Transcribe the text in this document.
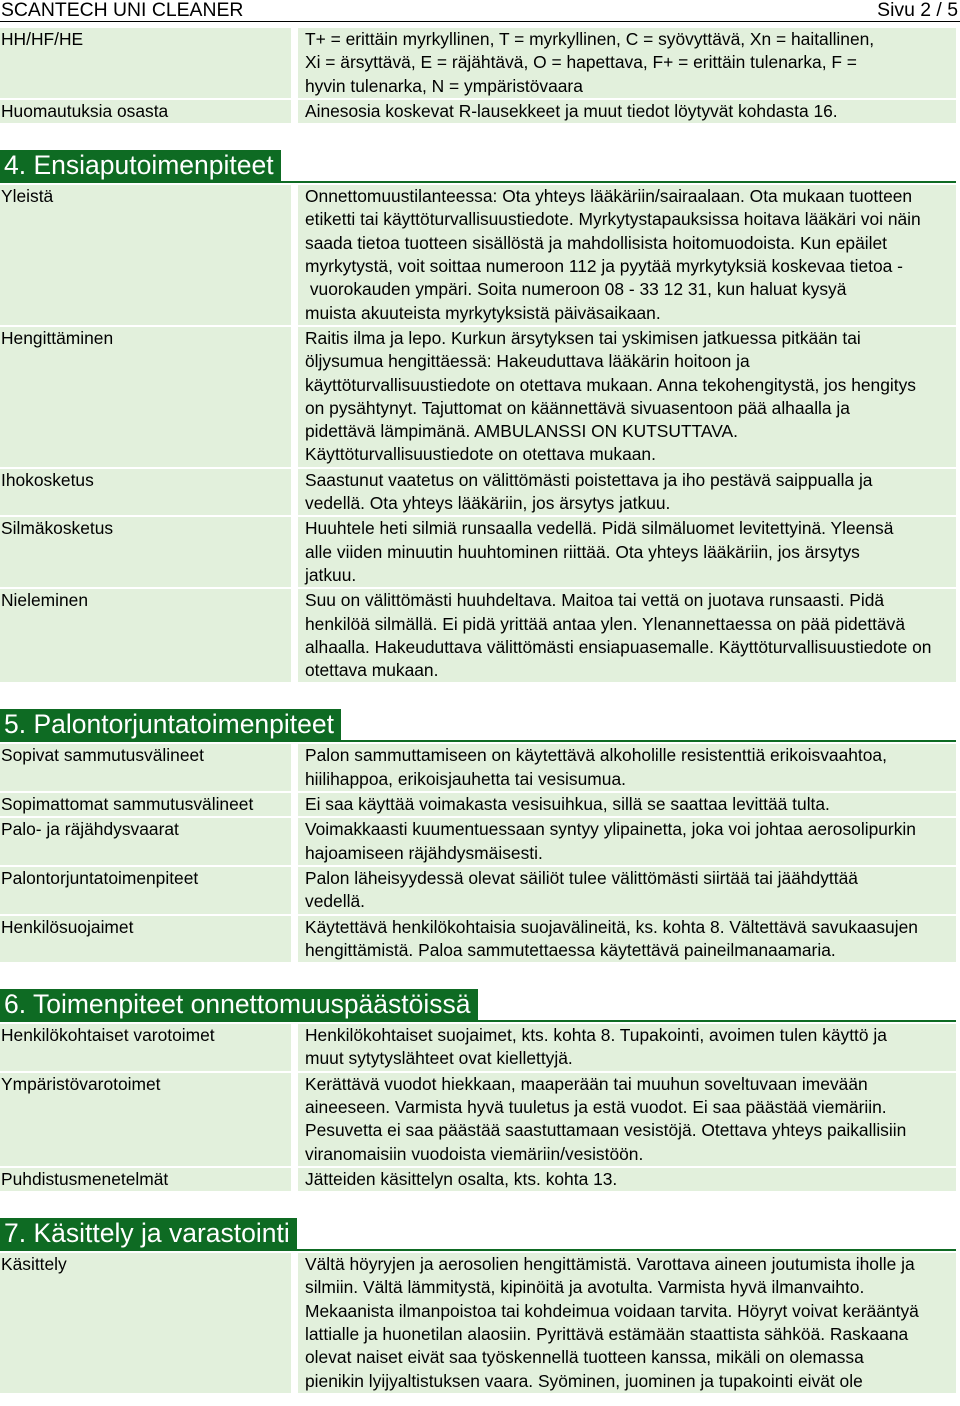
SCANTECH UNI CLEANER	Sivu 2 / 5
HH/HF/HE	T+ = erittäin myrkyllinen, T = myrkyllinen, C = syövyttävä, Xn = haitallinen,
Xi = ärsyttävä, E = räjähtävä, O = hapettava, F+ = erittäin tulenarka, F =
hyvin tulenarka, N = ympäristövaara
Huomautuksia osasta	Ainesosia koskevat R-lausekkeet ja muut tiedot löytyvät kohdasta 16.
4. Ensiaputoimenpiteet
Yleistä	Onnettomuustilanteessa: Ota yhteys lääkäriin/sairaalaan. Ota mukaan tuotteen
etiketti tai käyttöturvallisuustiedote. Myrkytystapauksissa hoitava lääkäri voi näin
saada tietoa tuotteen sisällöstä ja mahdollisista hoitomuodoista. Kun epäilet
myrkytystä, voit soittaa numeroon 112 ja pyytää myrkytyksiä koskevaa tietoa -
vuorokauden ympäri. Soita numeroon 08 - 33 12 31, kun haluat kysyä
muista akuuteista myrkytyksistä päiväsaikaan.
Hengittäminen	Raitis ilma ja lepo. Kurkun ärsytyksen tai yskimisen jatkuessa pitkään tai
öljysumua hengittäessä: Hakeuduttava lääkärin hoitoon ja
käyttöturvallisuustiedote on otettava mukaan. Anna tekohengitystä, jos hengitys
on pysähtynyt. Tajuttomat on käännettävä sivuasentoon pää alhaalla ja
pidettävä lämpimänä. AMBULANSSI ON KUTSUTTAVA.
Käyttöturvallisuustiedote on otettava mukaan.
Ihokosketus	Saastunut vaatetus on välittömästi poistettava ja iho pestävä saippualla ja
vedellä. Ota yhteys lääkäriin, jos ärsytys jatkuu.
Silmäkosketus	Huuhtele heti silmiä runsaalla vedellä. Pidä silmäluomet levitettyinä. Yleensä
alle viiden minuutin huuhtominen riittää. Ota yhteys lääkäriin, jos ärsytys
jatkuu.
Nieleminen	Suu on välittömästi huuhdeltava. Maitoa tai vettä on juotava runsaasti. Pidä
henkilöä silmällä. Ei pidä yrittää antaa ylen. Ylenannettaessa on pää pidettävä
alhaalla. Hakeuduttava välittömästi ensiapuasemalle. Käyttöturvallisuustiedote on
otettava mukaan.
5. Palontorjuntatoimenpiteet
Sopivat sammutusvälineet	Palon sammuttamiseen on käytettävä alkoholille resistenttiä erikoisvaahtoa,
hiilihappoa, erikoisjauhetta tai vesisumua.
Sopimattomat sammutusvälineet	Ei saa käyttää voimakasta vesisuihkua, sillä se saattaa levittää tulta.
Palo- ja räjähdysvaarat	Voimakkaasti kuumentuessaan syntyy ylipainetta, joka voi johtaa aerosolipurkin
hajoamiseen räjähdysmäisesti.
Palontorjuntatoimenpiteet	Palon läheisyydessä olevat säiliöt tulee välittömästi siirtää tai jäähdyttää
vedellä.
Henkilösuojaimet	Käytettävä henkilökohtaisia suojavälineitä, ks. kohta 8. Vältettävä savukaasujen
hengittämistä. Paloa sammutettaessa käytettävä paineilmanaamaria.
6. Toimenpiteet onnettomuuspäästöissä
Henkilökohtaiset varotoimet	Henkilökohtaiset suojaimet, kts. kohta 8. Tupakointi, avoimen tulen käyttö ja
muut sytytyslähteet ovat kiellettyjä.
Ympäristövarotoimet	Kerättävä vuodot hiekkaan, maaperään tai muuhun soveltuvaan imevään
aineeseen. Varmista hyvä tuuletus ja estä vuodot. Ei saa päästää viemäriin.
Pesuvetta ei saa päästää saastuttamaan vesistöjä. Otettava yhteys paikallisiin
viranomaisiin vuodoista viemäriin/vesistöön.
Puhdistusmenetelmät	Jätteiden käsittelyn osalta, kts. kohta 13.
7. Käsittely ja varastointi
Käsittely	Vältä höyryjen ja aerosolien hengittämistä. Varottava aineen joutumista iholle ja
silmiin. Vältä lämmitystä, kipinöitä ja avotulta. Varmista hyvä ilmanvaihto.
Mekaanista ilmanpoistoa tai kohdeimua voidaan tarvita. Höyryt voivat kerääntyä
lattialle ja huonetilan alaosiin. Pyrittävä estämään staattista sähköä. Raskaana
olevat naiset eivät saa työskennellä tuotteen kanssa, mikäli on olemassa
pienikin lyijyaltistuksen vaara. Syöminen, juominen ja tupakointi eivät ole
